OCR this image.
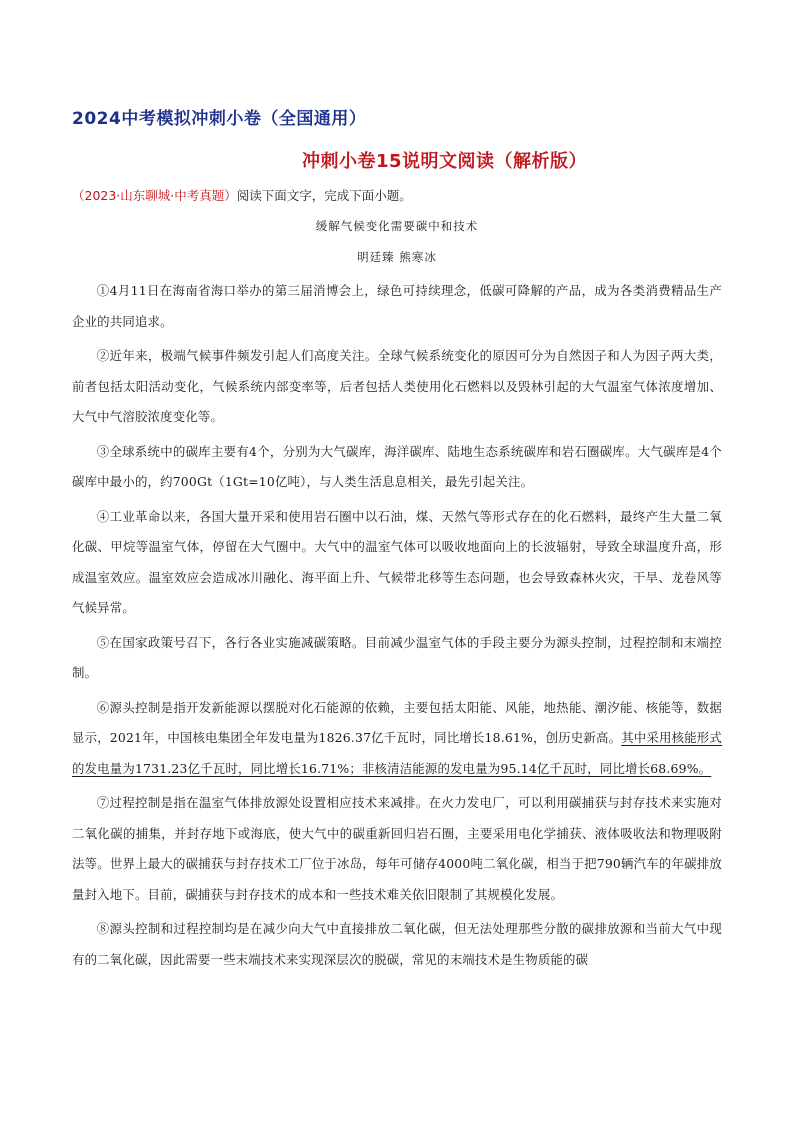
2024中考模拟冲刺小卷（全国通用）
冲刺小卷15说明文阅读（解析版）
（2023·山东聊城·中考真题）阅读下面文字，完成下面小题。
缓解气候变化需要碳中和技术
明廷臻 熊寒冰

①4月11日在海南省海口举办的第三届消博会上，绿色可持续理念，低碳可降解的产品，成为各类消费精品生产企业的共同追求。

②近年来，极端气候事件频发引起人们高度关注。全球气候系统变化的原因可分为自然因子和人为因子两大类，前者包括太阳活动变化，气候系统内部变率等，后者包括人类使用化石燃料以及毁林引起的大气温室气体浓度增加、大气中气溶胶浓度变化等。

③全球系统中的碳库主要有4个，分别为大气碳库，海洋碳库、陆地生态系统碳库和岩石圈碳库。大气碳库是4个碳库中最小的，约700Gt（1Gt=10亿吨），与人类生活息息相关，最先引起关注。

④工业革命以来，各国大量开采和使用岩石圈中以石油，煤、天然气等形式存在的化石燃料，最终产生大量二氧化碳、甲烷等温室气体，停留在大气圈中。大气中的温室气体可以吸收地面向上的长波辐射，导致全球温度升高，形成温室效应。温室效应会造成冰川融化、海平面上升、气候带北移等生态问题，也会导致森林火灾，干旱、龙卷风等气候异常。

⑤在国家政策号召下，各行各业实施减碳策略。目前减少温室气体的手段主要分为源头控制，过程控制和末端控制。

⑥源头控制是指开发新能源以摆脱对化石能源的依赖，主要包括太阳能、风能，地热能、潮汐能、核能等，数据显示，2021年，中国核电集团全年发电量为1826.37亿千瓦时，同比增长18.61%，创历史新高。其中采用核能形式的发电量为1731.23亿千瓦时，同比增长16.71%；非核清洁能源的发电量为95.14亿千瓦时，同比增长68.69%。

⑦过程控制是指在温室气体排放源处设置相应技术来减排。在火力发电厂，可以利用碳捕获与封存技术来实施对二氧化碳的捕集，并封存地下或海底，使大气中的碳重新回归岩石圈，主要采用电化学捕获、液体吸收法和物理吸附法等。世界上最大的碳捕获与封存技术工厂位于冰岛，每年可储存4000吨二氧化碳，相当于把790辆汽车的年碳排放量封入地下。目前，碳捕获与封存技术的成本和一些技术难关依旧限制了其规模化发展。

⑧源头控制和过程控制均是在减少向大气中直接排放二氧化碳，但无法处理那些分散的碳排放源和当前大气中现有的二氧化碳，因此需要一些末端技术来实现深层次的脱碳，常见的末端技术是生物质能的碳
